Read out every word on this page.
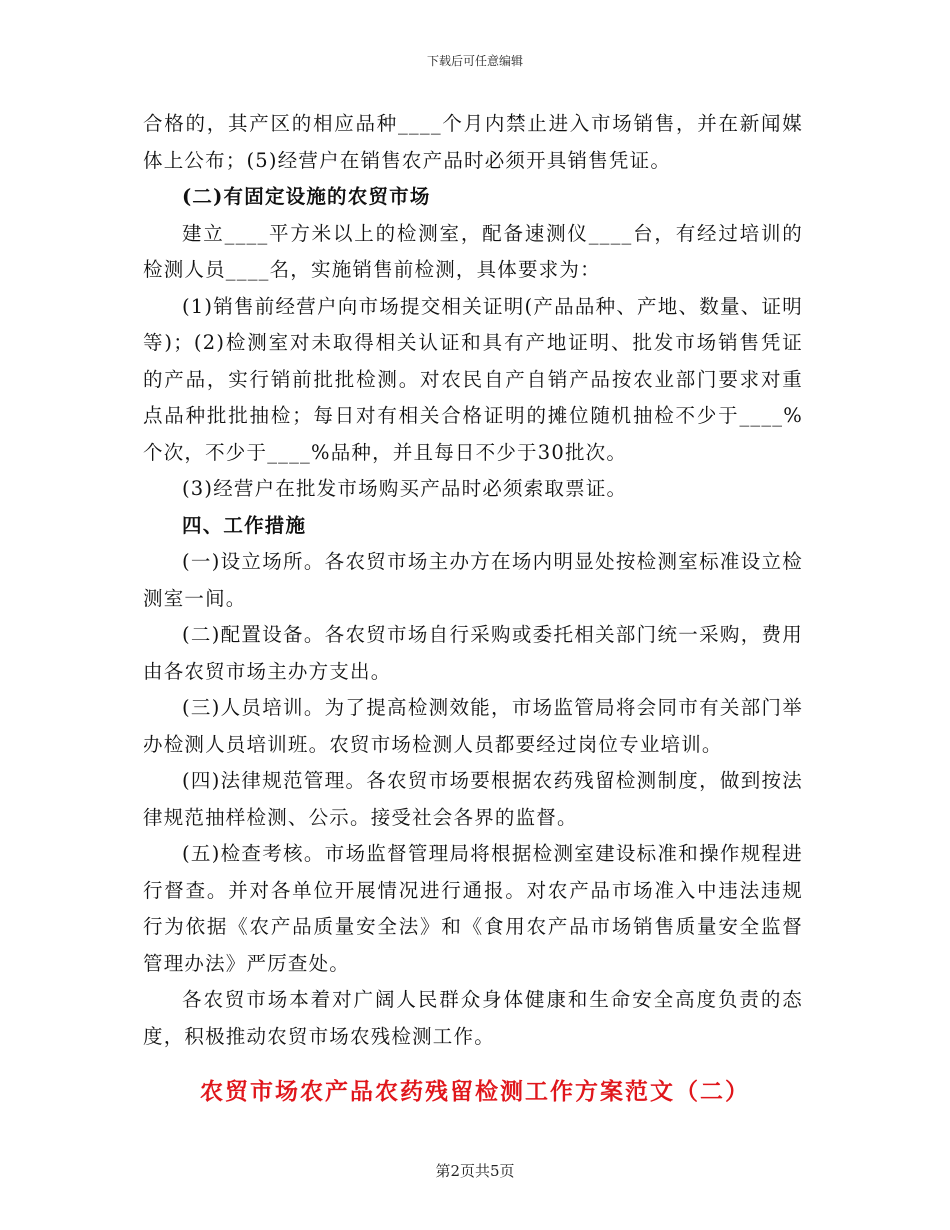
下载后可任意编辑

合格的，其产区的相应品种____个月内禁止进入市场销售，并在新闻媒体上公布；(5)经营户在销售农产品时必须开具销售凭证。

(二)有固定设施的农贸市场

建立____平方米以上的检测室，配备速测仪____台，有经过培训的检测人员____名，实施销售前检测，具体要求为：

(1)销售前经营户向市场提交相关证明(产品品种、产地、数量、证明等)；(2)检测室对未取得相关认证和具有产地证明、批发市场销售凭证的产品，实行销前批批检测。对农民自产自销产品按农业部门要求对重点品种批批抽检；每日对有相关合格证明的摊位随机抽检不少于____%个次，不少于____%品种，并且每日不少于30批次。

(3)经营户在批发市场购买产品时必须索取票证。

四、工作措施

(一)设立场所。各农贸市场主办方在场内明显处按检测室标准设立检测室一间。

(二)配置设备。各农贸市场自行采购或委托相关部门统一采购，费用由各农贸市场主办方支出。

(三)人员培训。为了提高检测效能，市场监管局将会同市有关部门举办检测人员培训班。农贸市场检测人员都要经过岗位专业培训。

(四)法律规范管理。各农贸市场要根据农药残留检测制度，做到按法律规范抽样检测、公示。接受社会各界的监督。

(五)检查考核。市场监督管理局将根据检测室建设标准和操作规程进行督查。并对各单位开展情况进行通报。对农产品市场准入中违法违规行为依据《农产品质量安全法》和《食用农产品市场销售质量安全监督管理办法》严厉查处。

各农贸市场本着对广阔人民群众身体健康和生命安全高度负责的态度，积极推动农贸市场农残检测工作。

农贸市场农产品农药残留检测工作方案范文（二）
第2页共5页
